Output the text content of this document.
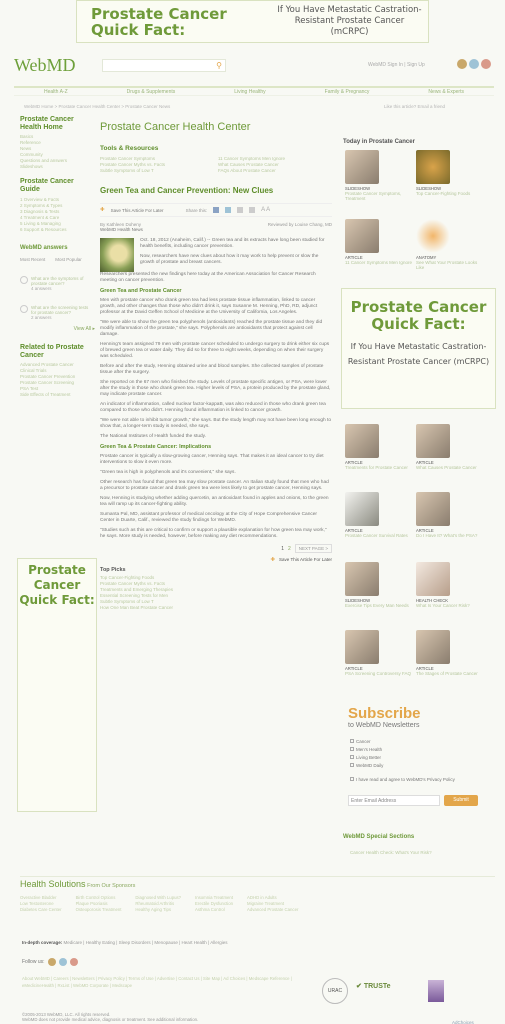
Prostate Cancer
Quick Fact:
If You Have Metastatic Castration-Resistant Prostate Cancer (mCRPC)
WebMD	⚲	WebMD Sign In | Sign Up
Health A-Z	Drugs & Supplements	Living Healthy	Family & Pregnancy	News & Experts
WebMD Home > Prostate Cancer Health Center > Prostate Cancer News	Like this article? Email a friend
Prostate Cancer Health Home
Basics
Reference
News
Community
Questions and answers
Slideshows
Prostate Cancer Guide
1 Overview & Facts
2 Symptoms & Types
3 Diagnosis & Tests
4 Treatment & Care
5 Living & Managing
6 Support & Resources
WebMD answers
Most Recent Most Popular
What are the symptoms of prostate cancer?
4 answers
What are the screening tests for prostate cancer?
2 answers
View All ▸
Related to Prostate Cancer
Advanced Prostate Cancer
Clinical Trials
Prostate Cancer Prevention
Prostate Cancer Screening
PSA Test
Side Effects of Treatment
Prostate
Cancer
Quick Fact:
Prostate Cancer Health Center
Tools & Resources
Prostate Cancer Symptoms
Prostate Cancer Myths vs. Facts
Subtle Symptoms of Low T
11 Cancer Symptoms Men Ignore
What Causes Prostate Cancer
FAQs About Prostate Cancer
Green Tea and Cancer Prevention: New Clues
✚ Save This Article For Later	Share this:	A A
By Kathleen Doheny
WebMD Health News
Reviewed by Louise Chang, MD
Oct. 18, 2012 (Anaheim, Calif.) -- Green tea and its extracts have long been studied for health benefits, including cancer prevention.
Now, researchers have new clues about how it may work to help prevent or slow the growth of prostate and breast cancers.
Researchers presented the new findings here today at the American Association for Cancer Research meeting on cancer prevention.
Green Tea and Prostate Cancer
Men with prostate cancer who drank green tea had less prostate tissue inflammation, linked to cancer growth, and other changes than those who didn't drink it, says Susanne M. Henning, PhD, RD, adjunct professor at the David Geffen School of Medicine at the University of California, Los Angeles.
"We were able to show the green tea polyphenols (antioxidants) reached the prostate tissue and they did modify inflammation of the prostate," she says. Polyphenols are antioxidants that protect against cell damage.
Henning's team assigned 79 men with prostate cancer scheduled to undergo surgery to drink either six cups of brewed green tea or water daily. They did so for three to eight weeks, depending on when their surgery was scheduled.
Before and after the study, Henning obtained urine and blood samples. She collected samples of prostate tissue after the surgery.
She reported on the 67 men who finished the study. Levels of prostate specific antigen, or PSA, were lower after the study in those who drank green tea. Higher levels of PSA, a protein produced by the prostate gland, may indicate prostate cancer.
An indicator of inflammation, called nuclear factor-kappaB, was also reduced in those who drank green tea compared to those who didn't. Henning found inflammation is linked to cancer growth.
"We were not able to inhibit tumor growth," she says. But the study length may not have been long enough to show that, a longer-term study is needed, she says.
The National Institutes of Health funded the study.
Green Tea & Prostate Cancer: Implications
Prostate cancer is typically a slow-growing cancer, Henning says. That makes it an ideal cancer to try diet interventions to slow it even more.
"Green tea is high in polyphenols and it's convenient," she says.
Other research has found that green tea may slow prostate cancer. An Italian study found that men who had a precursor to prostate cancer and drank green tea were less likely to get prostate cancer, Henning says.
Now, Henning is studying whether adding quercetin, an antioxidant found in apples and onions, to the green tea will ramp up its cancer-fighting ability.
Sumanta Pal, MD, assistant professor of medical oncology at the City of Hope Comprehensive Cancer Center in Duarte, Calif., reviewed the study findings for WebMD.
"Studies such as this are critical to confirm or support a plausible explanation for how green tea may work," he says. More study is needed, however, before making any diet recommendations.
1 2	NEXT PAGE >
✚ Save This Article For Later
Top Picks
Top Cancer-Fighting Foods
Prostate Cancer Myths vs. Facts
Treatments and Emerging Therapies
Essential Screening Tests for Men
Subtle Symptoms of Low T
How One Man Beat Prostate Cancer
Today in Prostate Cancer
SLIDESHOW
Prostate Cancer Symptoms, Treatment
SLIDESHOW
Top Cancer-Fighting Foods
ARTICLE
11 Cancer Symptoms Men Ignore
ANATOMY
See What Your Prostate Looks Like
Prostate Cancer
Quick Fact:
If You Have Metastatic Castration-Resistant Prostate Cancer (mCRPC)
ARTICLE
Treatments for Prostate Cancer
ARTICLE
What Causes Prostate Cancer
ARTICLE
Prostate Cancer Survival Rates
ARTICLE
Do I Have It? What's the PSA?
SLIDESHOW
Exercise Tips Every Man Needs
HEALTH CHECK
What Is Your Cancer Risk?
ARTICLE
PSA Screening Controversy FAQ
ARTICLE
The Stages of Prostate Cancer
Subscribe
to WebMD Newsletters
Cancer
Men's Health
Living Better
WebMD Daily
I have read and agree to WebMD's Privacy Policy
Enter Email Address	Submit
WebMD Special Sections
Cancer Health Check: What's Your Risk?
Health Solutions From Our Sponsors
Overactive Bladder
Low Testosterone
Diabetes Care Center
Birth Control Options
Plaque Psoriasis
Osteoporosis Treatment
Diagnosed With Lupus?
Rheumatoid Arthritis
Healthy Aging Tips
Insomnia Treatment
Erectile Dysfunction
Asthma Control
ADHD in Adults
Migraine Treatment
Advanced Prostate Cancer
In-depth coverage: Medicare | Healthy Eating | Sleep Disorders | Menopause | Heart Health | Allergies
Follow us:
About WebMD | Careers | Newsletters | Privacy Policy | Terms of Use | Advertise | Contact Us | Site Map | Ad Choices | Medscape Reference | eMedicineHealth | RxList | WebMD Corporate | Medscape
©2005-2013 WebMD, LLC. All rights reserved.
WebMD does not provide medical advice, diagnosis or treatment. See additional information.
URAC
✔ TRUSTe
AdChoices
